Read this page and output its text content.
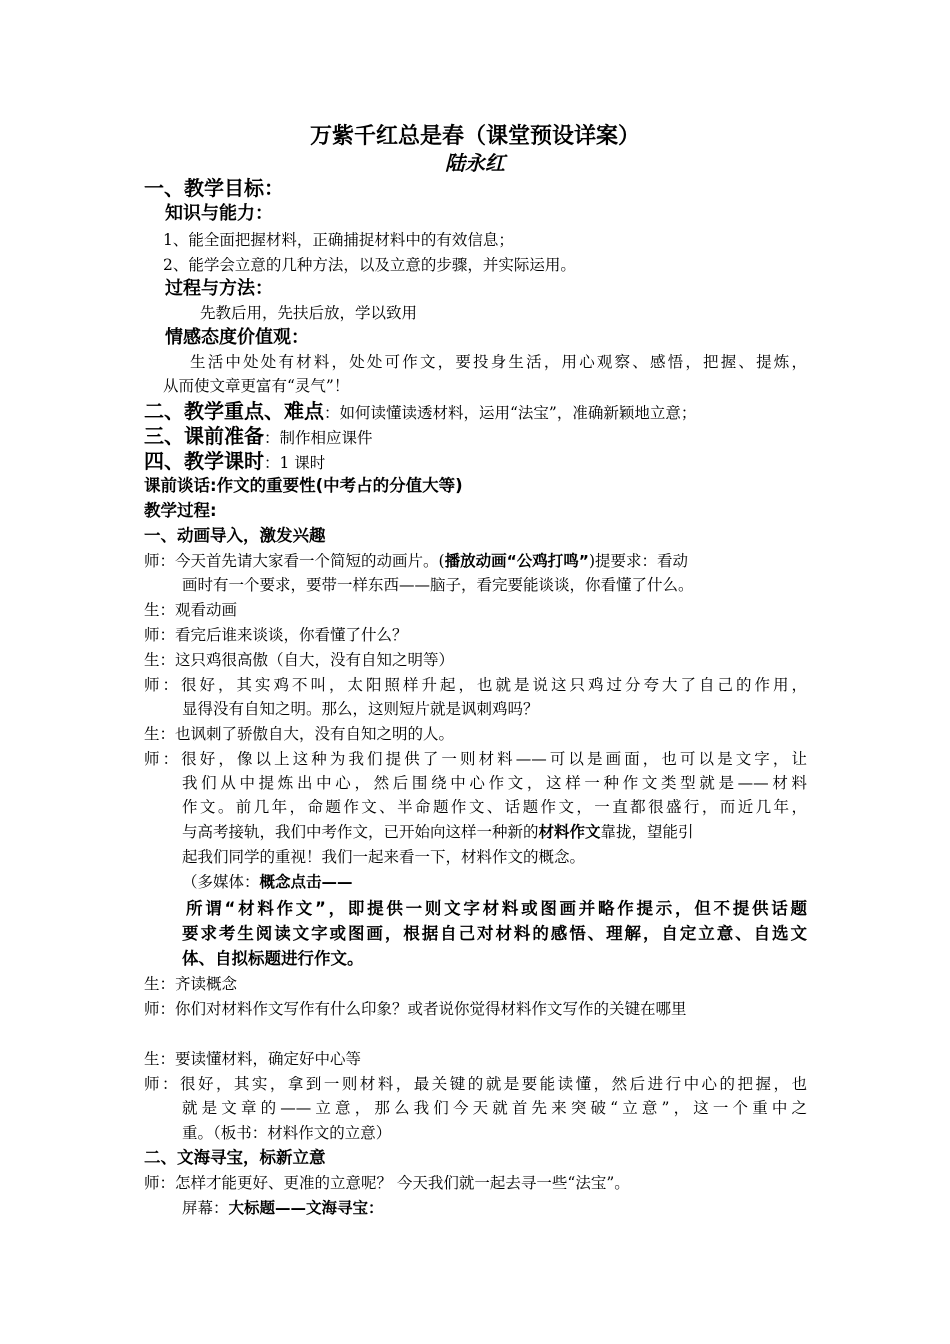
万紫千红总是春（课堂预设详案）
陆永红
一、教学目标：
知识与能力：
1、能全面把握材料，正确捕捉材料中的有效信息；
2、能学会立意的几种方法，以及立意的步骤，并实际运用。
过程与方法：
先教后用，先扶后放，学以致用
情感态度价值观：
生活中处处有材料，处处可作文，要投身生活，用心观察、感悟，把握、提炼，
从而使文章更富有“灵气”！
二、教学重点、难点：如何读懂读透材料，运用“法宝”，准确新颖地立意；
三、课前准备：制作相应课件
四、教学课时：1 课时
课前谈话:作文的重要性(中考占的分值大等)
教学过程:
一、动画导入，激发兴趣
师：今天首先请大家看一个简短的动画片。(播放动画“公鸡打鸣”)提要求：看动
画时有一个要求，要带一样东西——脑子，看完要能谈谈，你看懂了什么。
生：观看动画
师：看完后谁来谈谈，你看懂了什么？
生：这只鸡很高傲（自大，没有自知之明等）
师：很好，其实鸡不叫，太阳照样升起，也就是说这只鸡过分夸大了自己的作用，
显得没有自知之明。那么，这则短片就是讽刺鸡吗？
生：也讽刺了骄傲自大，没有自知之明的人。
师：很好，像以上这种为我们提供了一则材料——可以是画面，也可以是文字，让
我们从中提炼出中心，然后围绕中心作文，这样一种作文类型就是——材料
作文。前几年，命题作文、半命题作文、话题作文，一直都很盛行，而近几年，
与高考接轨，我们中考作文，已开始向这样一种新的材料作文靠拢，望能引
起我们同学的重视！我们一起来看一下，材料作文的概念。
（多媒体：概念点击——
所谓“材料作文”，即提供一则文字材料或图画并略作提示，但不提供话题
要求考生阅读文字或图画，根据自己对材料的感悟、理解，自定立意、自选文
体、自拟标题进行作文。
生：齐读概念
师：你们对材料作文写作有什么印象？或者说你觉得材料作文写作的关键在哪里
生：要读懂材料，确定好中心等
师：很好，其实，拿到一则材料，最关键的就是要能读懂，然后进行中心的把握，也
就是文章的——立意，那么我们今天就首先来突破“立意”，这一个重中之
重。（板书：材料作文的立意）
二、文海寻宝，标新立意
师：怎样才能更好、更准的立意呢？ 今天我们就一起去寻一些“法宝”。
屏幕：大标题——文海寻宝：
